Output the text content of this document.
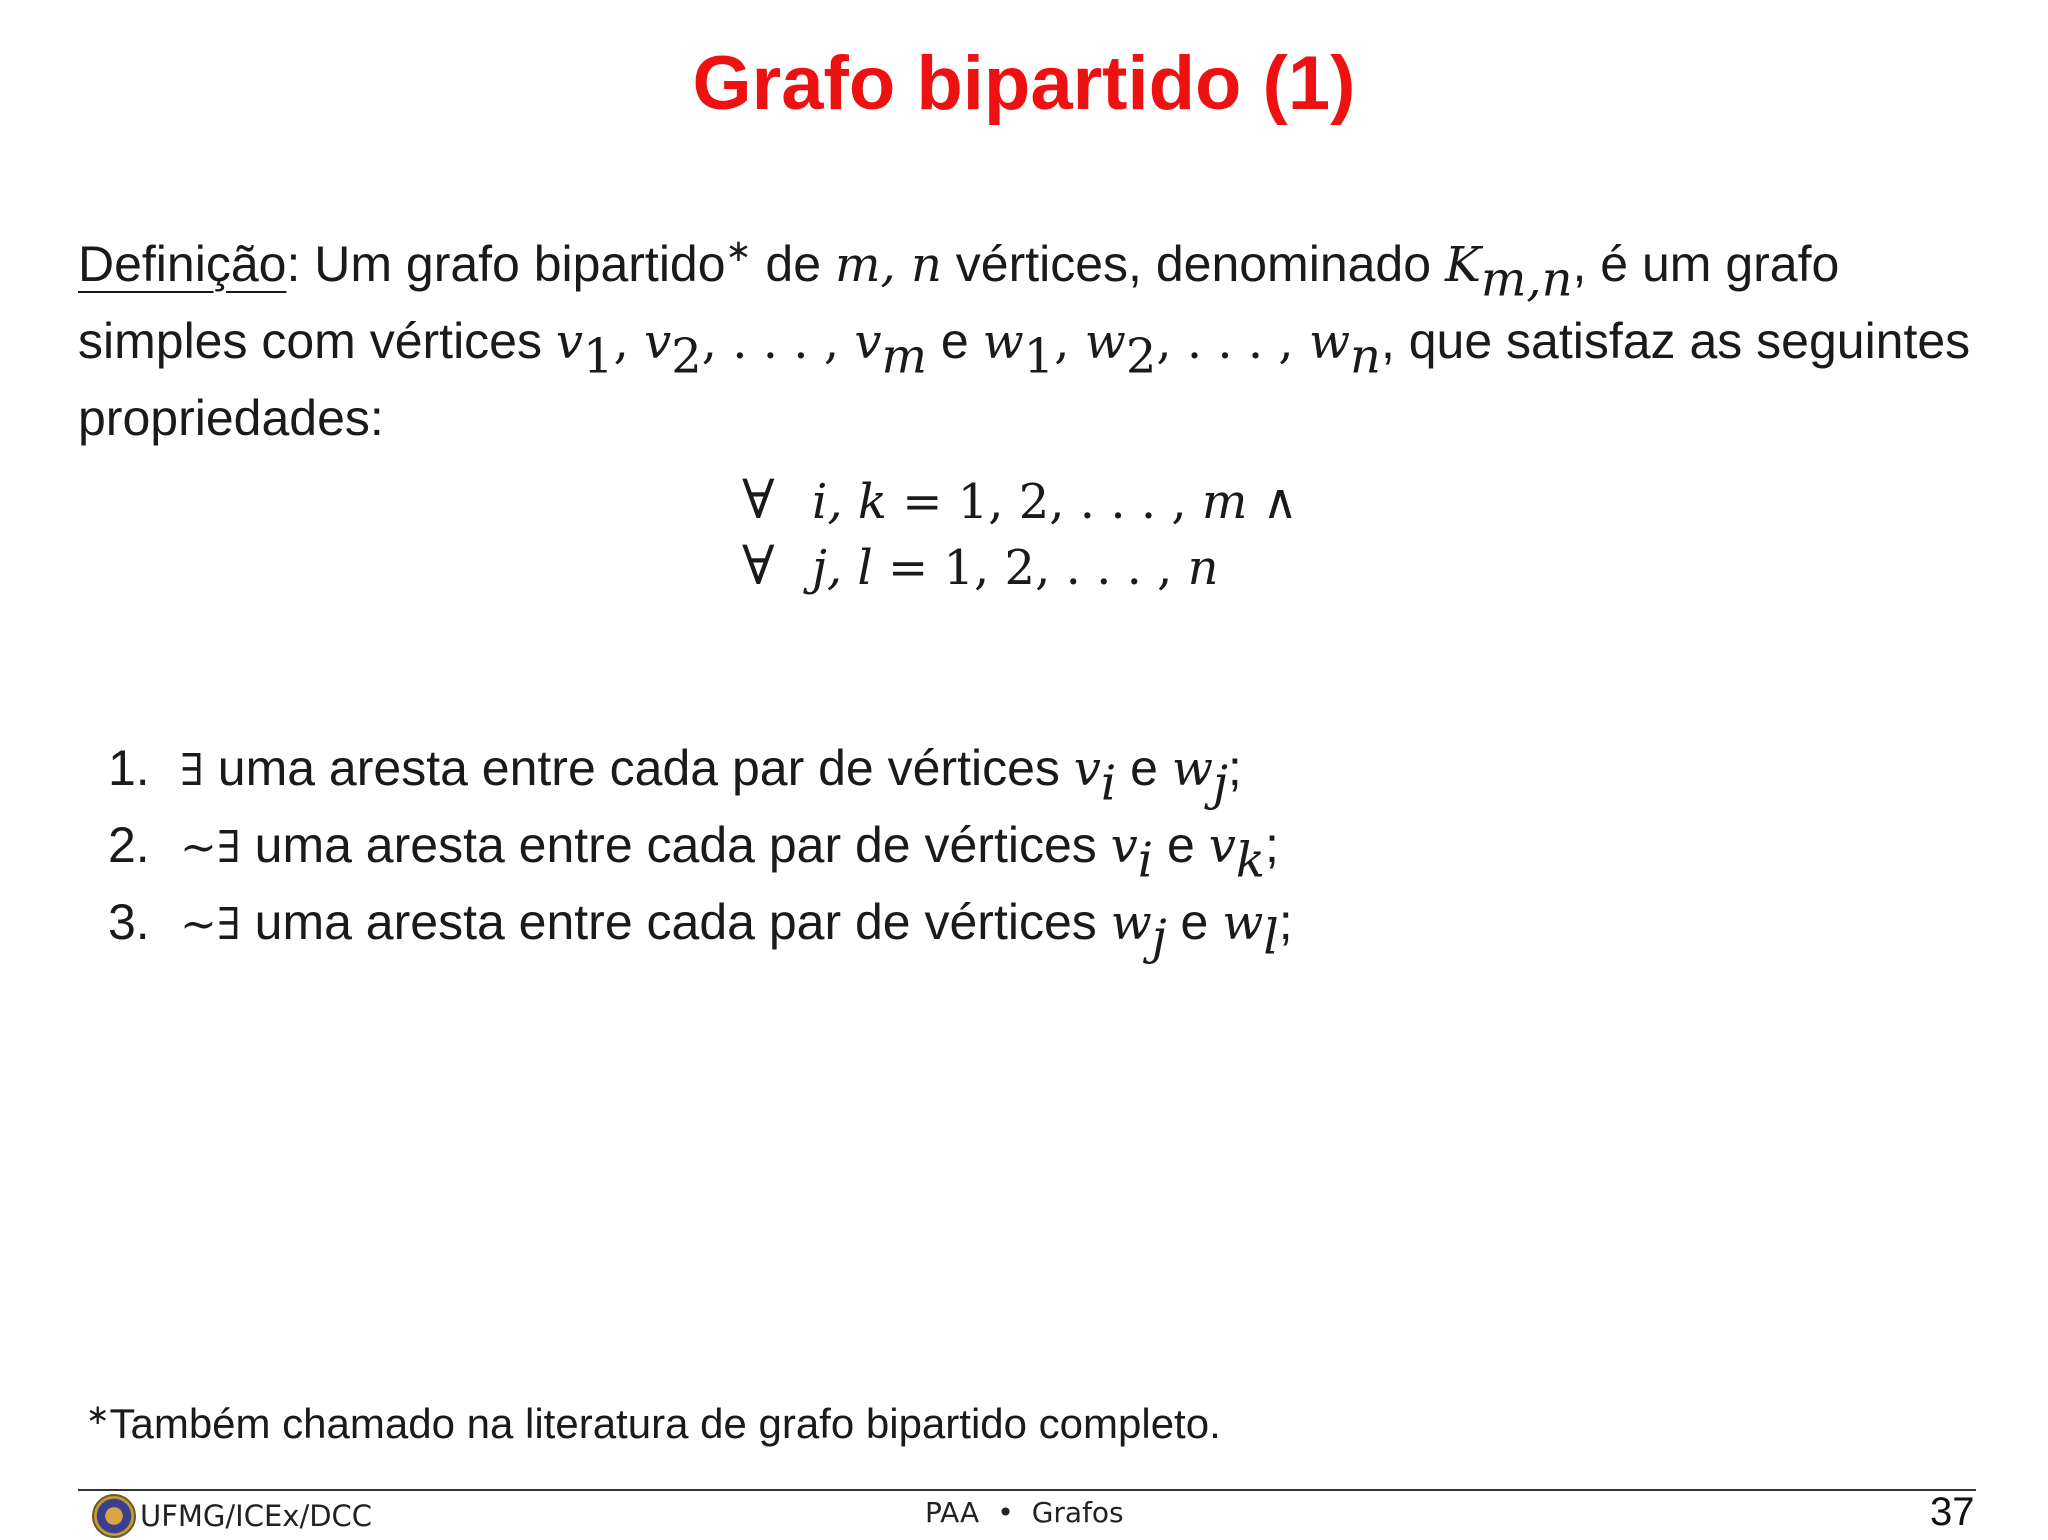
Grafo bipartido (1)
Definição: Um grafo bipartido∗ de m, n vértices, denominado $K_{m,n}$, é um grafo
simples com vértices $v_1$, $v_2$, . . . , $v_m$ e $w_1$, $w_2$, . . . , $w_n$, que satisfaz as seguintes
propriedades:
∀ i, k = 1, 2, . . . , m ∧
∀ j, l = 1, 2, . . . , n
1. ∃ uma aresta entre cada par de vértices $v_i$ e $w_j$;
2. ∼∃ uma aresta entre cada par de vértices $v_i$ e $v_k$;
3. ∼∃ uma aresta entre cada par de vértices $w_j$ e $w_l$;
∗Também chamado na literatura de grafo bipartido completo.
UFMG/ICEx/DCC	PAA • Grafos	37
